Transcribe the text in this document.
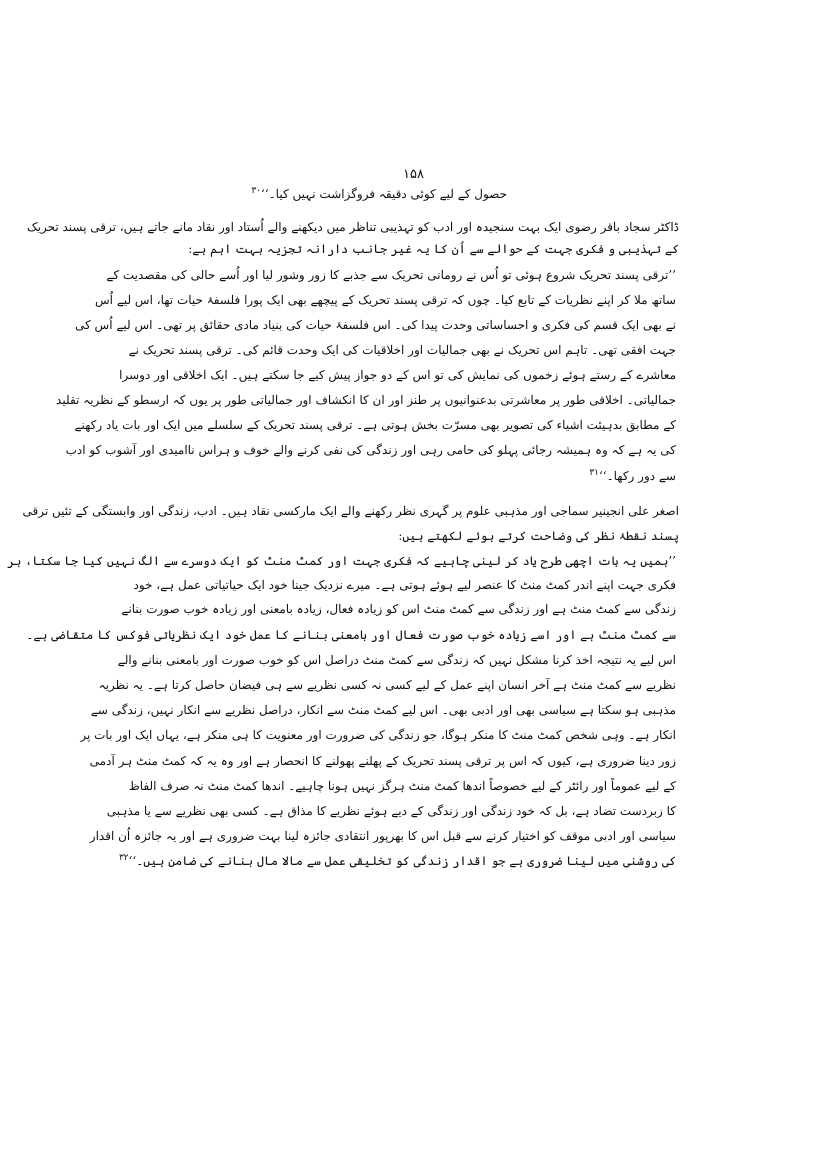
۱۵۸
حصول کے لیے کوئی دقیقہ فروگزاشت نہیں کیا۔‘‘$^{۳۰}$
ڈاکٹر سجاد باقر رضوی ایک بہت سنجیدہ اور ادب کو تہذیبی تناظر میں دیکھنے والے اُستاد اور نقاد مانے جاتے ہیں، ترقی پسند تحریک
کے تہذیبی و فکری جہت کے حوالے سے اُن کا یہ غیر جانب دارانہ تجزیہ بہت اہم ہے:
’’ترقی پسند تحریک شروع ہوئی تو اُس نے رومانی تحریک سے جذبے کا زور وشور لیا اور اُسے حالی کی مقصدیت کے
ساتھ ملا کر اپنے نظریات کے تابع کیا۔ چوں کہ ترقی پسند تحریک کے پیچھے بھی ایک پورا فلسفۂ حیات تھا، اس لیے اُس
نے بھی ایک قسم کی فکری و احساساتی وحدت پیدا کی۔ اس فلسفۂ حیات کی بنیاد مادی حقائق پر تھی۔ اس لیے اُس کی
جہت افقی تھی۔ تاہم اس تحریک نے بھی جمالیات اور اخلاقیات کی ایک وحدت قائم کی۔ ترقی پسند تحریک نے
معاشرے کے رستے ہوئے زخموں کی نمایش کی تو اس کے دو جواز پیش کیے جا سکتے ہیں۔ ایک اخلاقی اور دوسرا
جمالیاتی۔ اخلاقی طور پر معاشرتی بدعنوانیوں پر طنز اور ان کا انکشاف اور جمالیاتی طور پر یوں کہ ارسطو کے نظریہ تقلید
کے مطابق بدہیئت اشیاء کی تصویر بھی مسرّت بخش ہوتی ہے۔ ترقی پسند تحریک کے سلسلے میں ایک اور بات یاد رکھنے
کی یہ ہے کہ وہ ہمیشہ رجائی پہلو کی حامی رہی اور زندگی کی نفی کرنے والے خوف و ہراس ناامیدی اور آشوب کو ادب
سے دور رکھا۔‘‘$^{۳۱}$
اصغر علی انجینیر سماجی اور مذہبی علوم پر گہری نظر رکھنے والے ایک مارکسی نقاد ہیں۔ ادب، زندگی اور وابستگی کے تئیں ترقی
پسند نقطۂ نظر کی وضاحت کرتے ہوئے لکھتے ہیں:
’’ہمیں یہ بات اچھی طرح یاد کر لینی چاہیے کہ فکری جہت اور کمٹ منٹ کو ایک دوسرے سے الگ نہیں کیا جا سکتا، ہر
فکری جہت اپنے اندر کمٹ منٹ کا عنصر لیے ہوئے ہوتی ہے۔ میرے نزدیک جینا خود ایک حیاتیاتی عمل ہے، خود
زندگی سے کمٹ منٹ ہے اور زندگی سے کمٹ منٹ اس کو زیادہ فعال، زیادہ بامعنی اور زیادہ خوب صورت بنانے
سے کمٹ منٹ ہے اور اسے زیادہ خوب صورت فعال اور بامعنی بنانے کا عمل خود ایک نظریاتی فوکس کا متقاضی ہے۔
اس لیے یہ نتیجہ اخذ کرنا مشکل نہیں کہ زندگی سے کمٹ منٹ دراصل اس کو خوب صورت اور بامعنی بنانے والے
نظریے سے کمٹ منٹ ہے آخر انسان اپنے عمل کے لیے کسی نہ کسی نظریے سے ہی فیضان حاصل کرتا ہے۔ یہ نظریہ
مذہبی ہو سکتا ہے سیاسی بھی اور ادبی بھی۔ اس لیے کمٹ منٹ سے انکار، دراصل نظریے سے انکار نہیں، زندگی سے
انکار ہے۔ وہی شخص کمٹ منٹ کا منکر ہوگا، جو زندگی کی ضرورت اور معنویت کا ہی منکر ہے، یہاں ایک اور بات پر
زور دینا ضروری ہے، کیوں کہ اس پر ترقی پسند تحریک کے پھلنے پھولنے کا انحصار ہے اور وہ یہ کہ کمٹ منٹ ہر آدمی
کے لیے عموماً اور رائٹر کے لیے خصوصاً اندھا کمٹ منٹ ہرگز نہیں ہونا چاہیے۔ اندھا کمٹ منٹ نہ صرف الفاظ
کا زبردست تضاد ہے، بل کہ خود زندگی اور زندگی کے دیے ہوئے نظریے کا مذاق ہے۔ کسی بھی نظریے سے یا مذہبی
سیاسی اور ادبی موقف کو اختیار کرنے سے قبل اس کا بھرپور انتقادی جائزہ لینا بہت ضروری ہے اور یہ جائزہ اُن اقدار
کی روشنی میں لینا ضروری ہے جو اقدار زندگی کو تخلیقی عمل سے مالا مال بنانے کی ضامن ہیں۔‘‘$^{۳۲}$
